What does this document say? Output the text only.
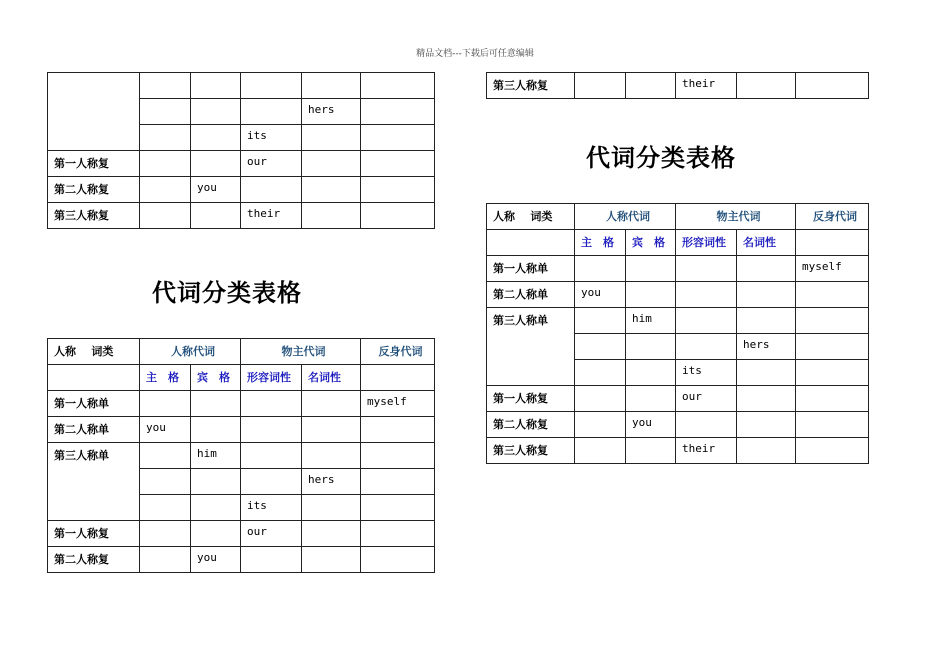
精品文档---下载后可任意编辑

				hers	
			its		
第一人称复			our		
第二人称复		you			
第三人称复			their		
第三人称复			their		
代词分类表格
代词分类表格
人称 词类	人称代词		物主代词		反身代词
	主　格	宾　格	形容词性	名词性	
第一人称单					myself
第二人称单	you				
第三人称单		him			
				hers	
			its		
第一人称复			our		
第二人称复		you			
人称 词类	人称代词		物主代词		反身代词
	主　格	宾　格	形容词性	名词性	
第一人称单					myself
第二人称单	you				
第三人称单		him			
				hers	
			its		
第一人称复			our		
第二人称复		you			
第三人称复			their		
